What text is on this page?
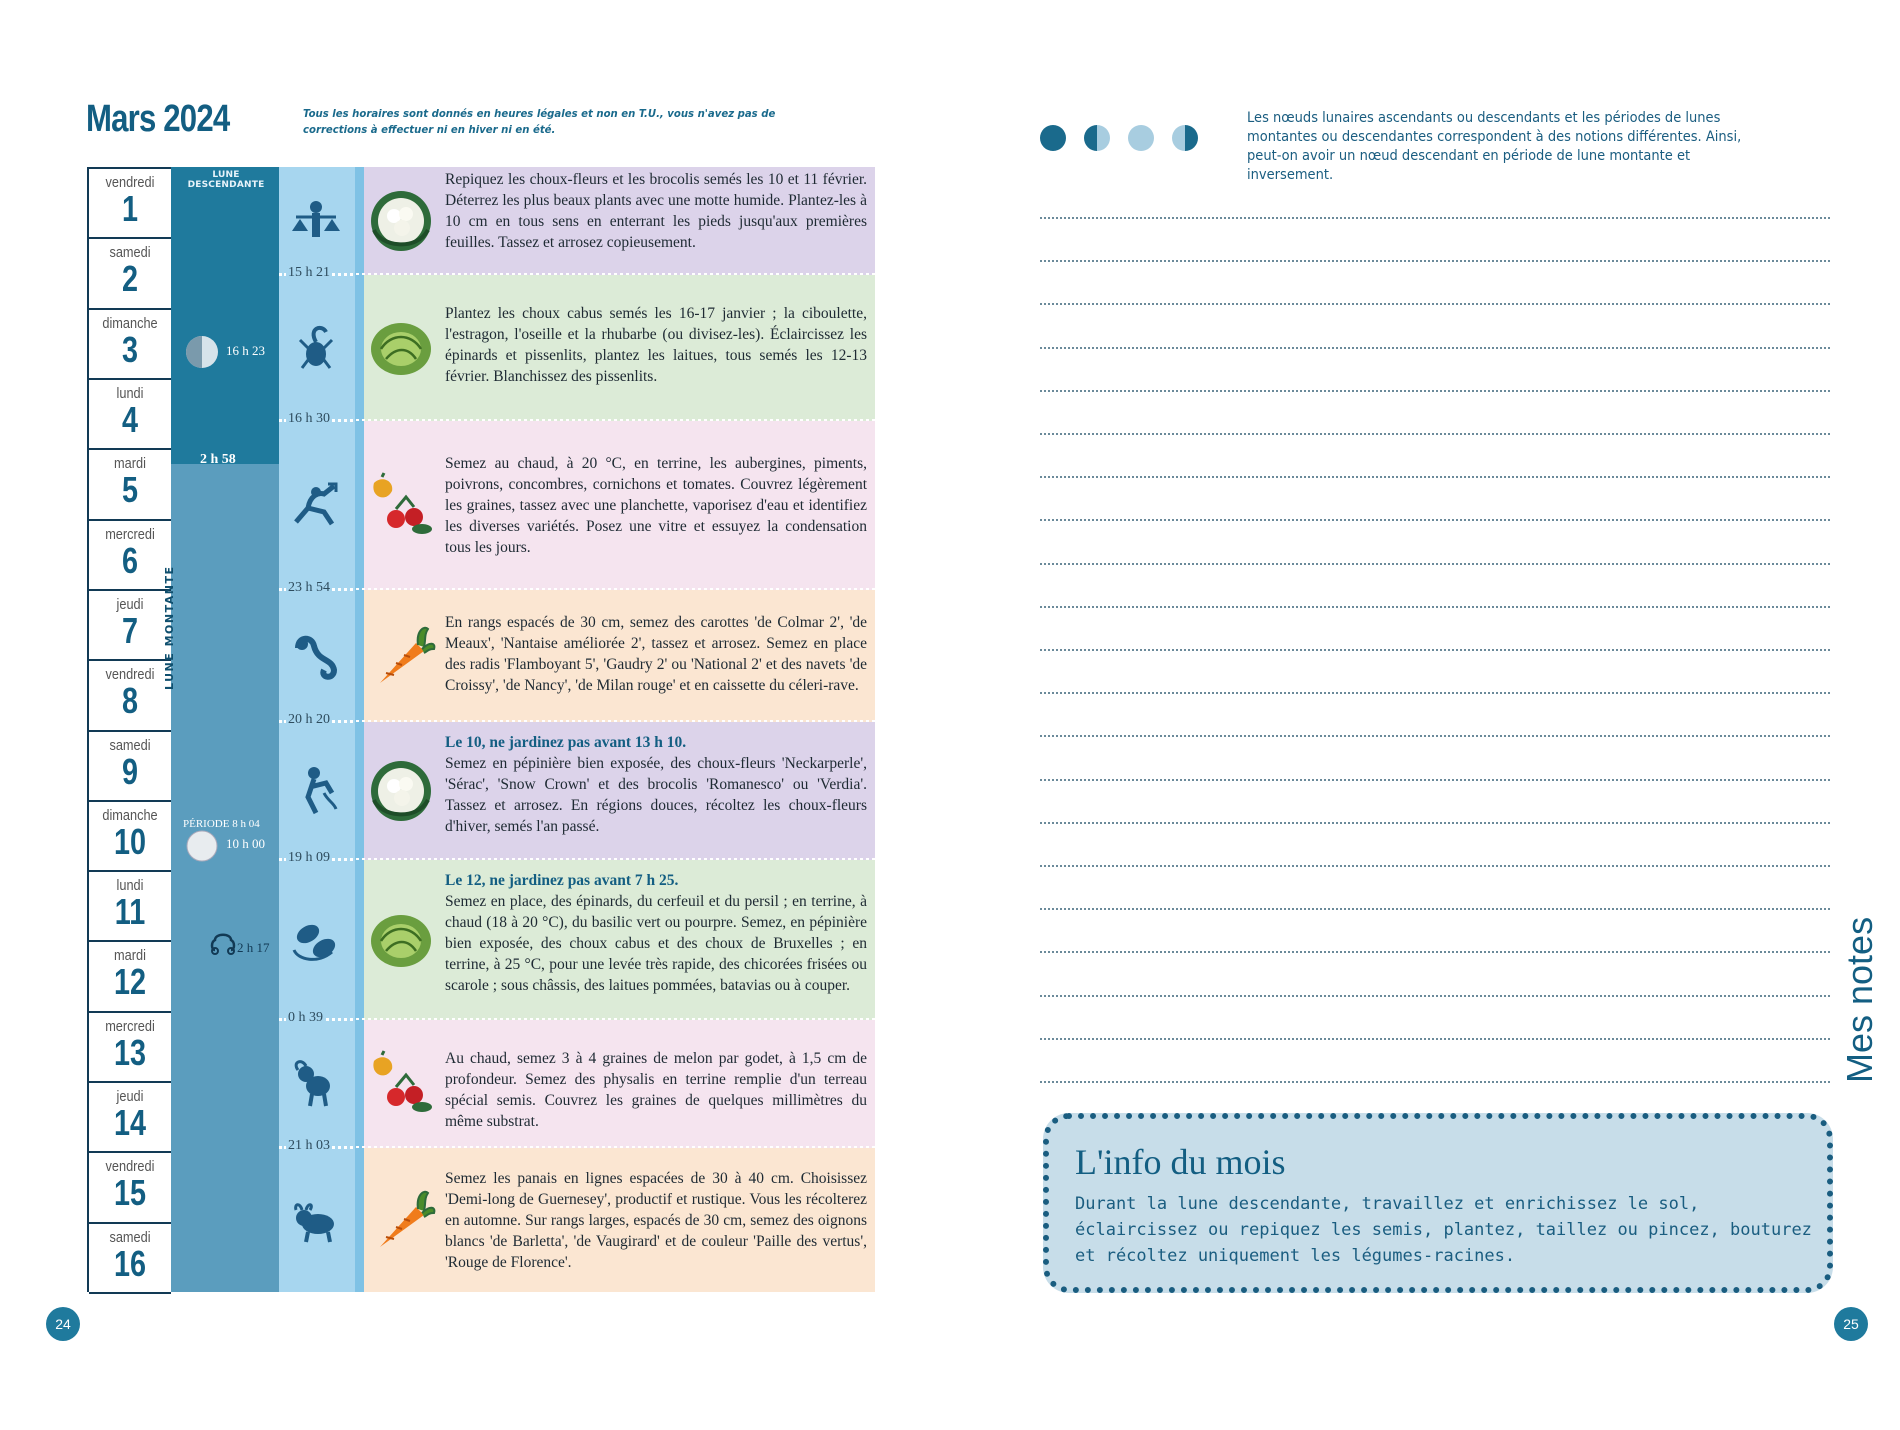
Mars 2024	Tous les horaires sont donnés en heures légales et non en T.U., vous n'avez pas de corrections à effectuer ni en hiver ni en été.
vendredi
1
samedi
2
dimanche
3
lundi
4
mardi
5
mercredi
6
jeudi
7
vendredi
8
samedi
9
dimanche
10
lundi
11
mardi
12
mercredi
13
jeudi
14
vendredi
15
samedi
16
LUNE DESCENDANTE
LUNE MONTANTE
2 h 58
16 h 23
PÉRIODE 8 h 04
10 h 00
2 h 17
Repiquez les choux-fleurs et les brocolis semés les 10 et 11 février. Déterrez les plus beaux plants avec une motte humide. Plantez-les à 10 cm en tous sens en enterrant les pieds jusqu'aux premières feuilles. Tassez et arrosez copieusement.
15 h 21
Plantez les choux cabus semés les 16-17 janvier ; la ciboulette, l'estragon, l'oseille et la rhubarbe (ou divisez-les). Éclaircissez les épinards et pissenlits, plantez les laitues, tous semés les 12-13 février. Blanchissez des pissenlits.
16 h 30
Semez au chaud, à 20 °C, en terrine, les aubergines, piments, poivrons, concombres, cornichons et tomates. Couvrez légèrement les graines, tassez avec une planchette, vaporisez d'eau et identifiez les diverses variétés. Posez une vitre et essuyez la condensation tous les jours.
23 h 54
En rangs espacés de 30 cm, semez des carottes 'de Colmar 2', 'de Meaux', 'Nantaise améliorée 2', tassez et arrosez. Semez en place des radis 'Flamboyant 5', 'Gaudry 2' ou 'National 2' et des navets 'de Croissy', 'de Nancy', 'de Milan rouge' et en caissette du céleri-rave.
20 h 20
Le 10, ne jardinez pas avant 13 h 10.
Semez en pépinière bien exposée, des choux-fleurs 'Neckarperle', 'Sérac', 'Snow Crown' et des brocolis 'Romanesco' ou 'Verdia'. Tassez et arrosez. En régions douces, récoltez les choux-fleurs d'hiver, semés l'an passé.
19 h 09
Le 12, ne jardinez pas avant 7 h 25.
Semez en place, des épinards, du cerfeuil et du persil ; en terrine, à chaud (18 à 20 °C), du basilic vert ou pourpre. Semez, en pépinière bien exposée, des choux cabus et des choux de Bruxelles ; en terrine, à 25 °C, pour une levée très rapide, des chicorées frisées ou scarole ; sous châssis, des laitues pommées, batavias ou à couper.
0 h 39
Au chaud, semez 3 à 4 graines de melon par godet, à 1,5 cm de profondeur. Semez des physalis en terrine remplie d'un terreau spécial semis. Couvrez les graines de quelques millimètres du même substrat.
21 h 03
Semez les panais en lignes espacées de 30 à 40 cm. Choisissez 'Demi-long de Guernesey', productif et rustique. Vous les récolterez en automne. Sur rangs larges, espacés de 30 cm, semez des oignons blancs 'de Barletta', 'de Vaugirard' et de couleur 'Paille des vertus', 'Rouge de Florence'.
24
Les nœuds lunaires ascendants ou descendants et les périodes de lunes montantes ou descendantes correspondent à des notions différentes. Ainsi, peut-on avoir un nœud descendant en période de lune montante et inversement.
Mes notes
L'info du mois
Durant la lune descendante, travaillez et enrichissez le sol, éclaircissez ou repiquez les semis, plantez, taillez ou pincez, bouturez et récoltez uniquement les légumes-racines.
25
